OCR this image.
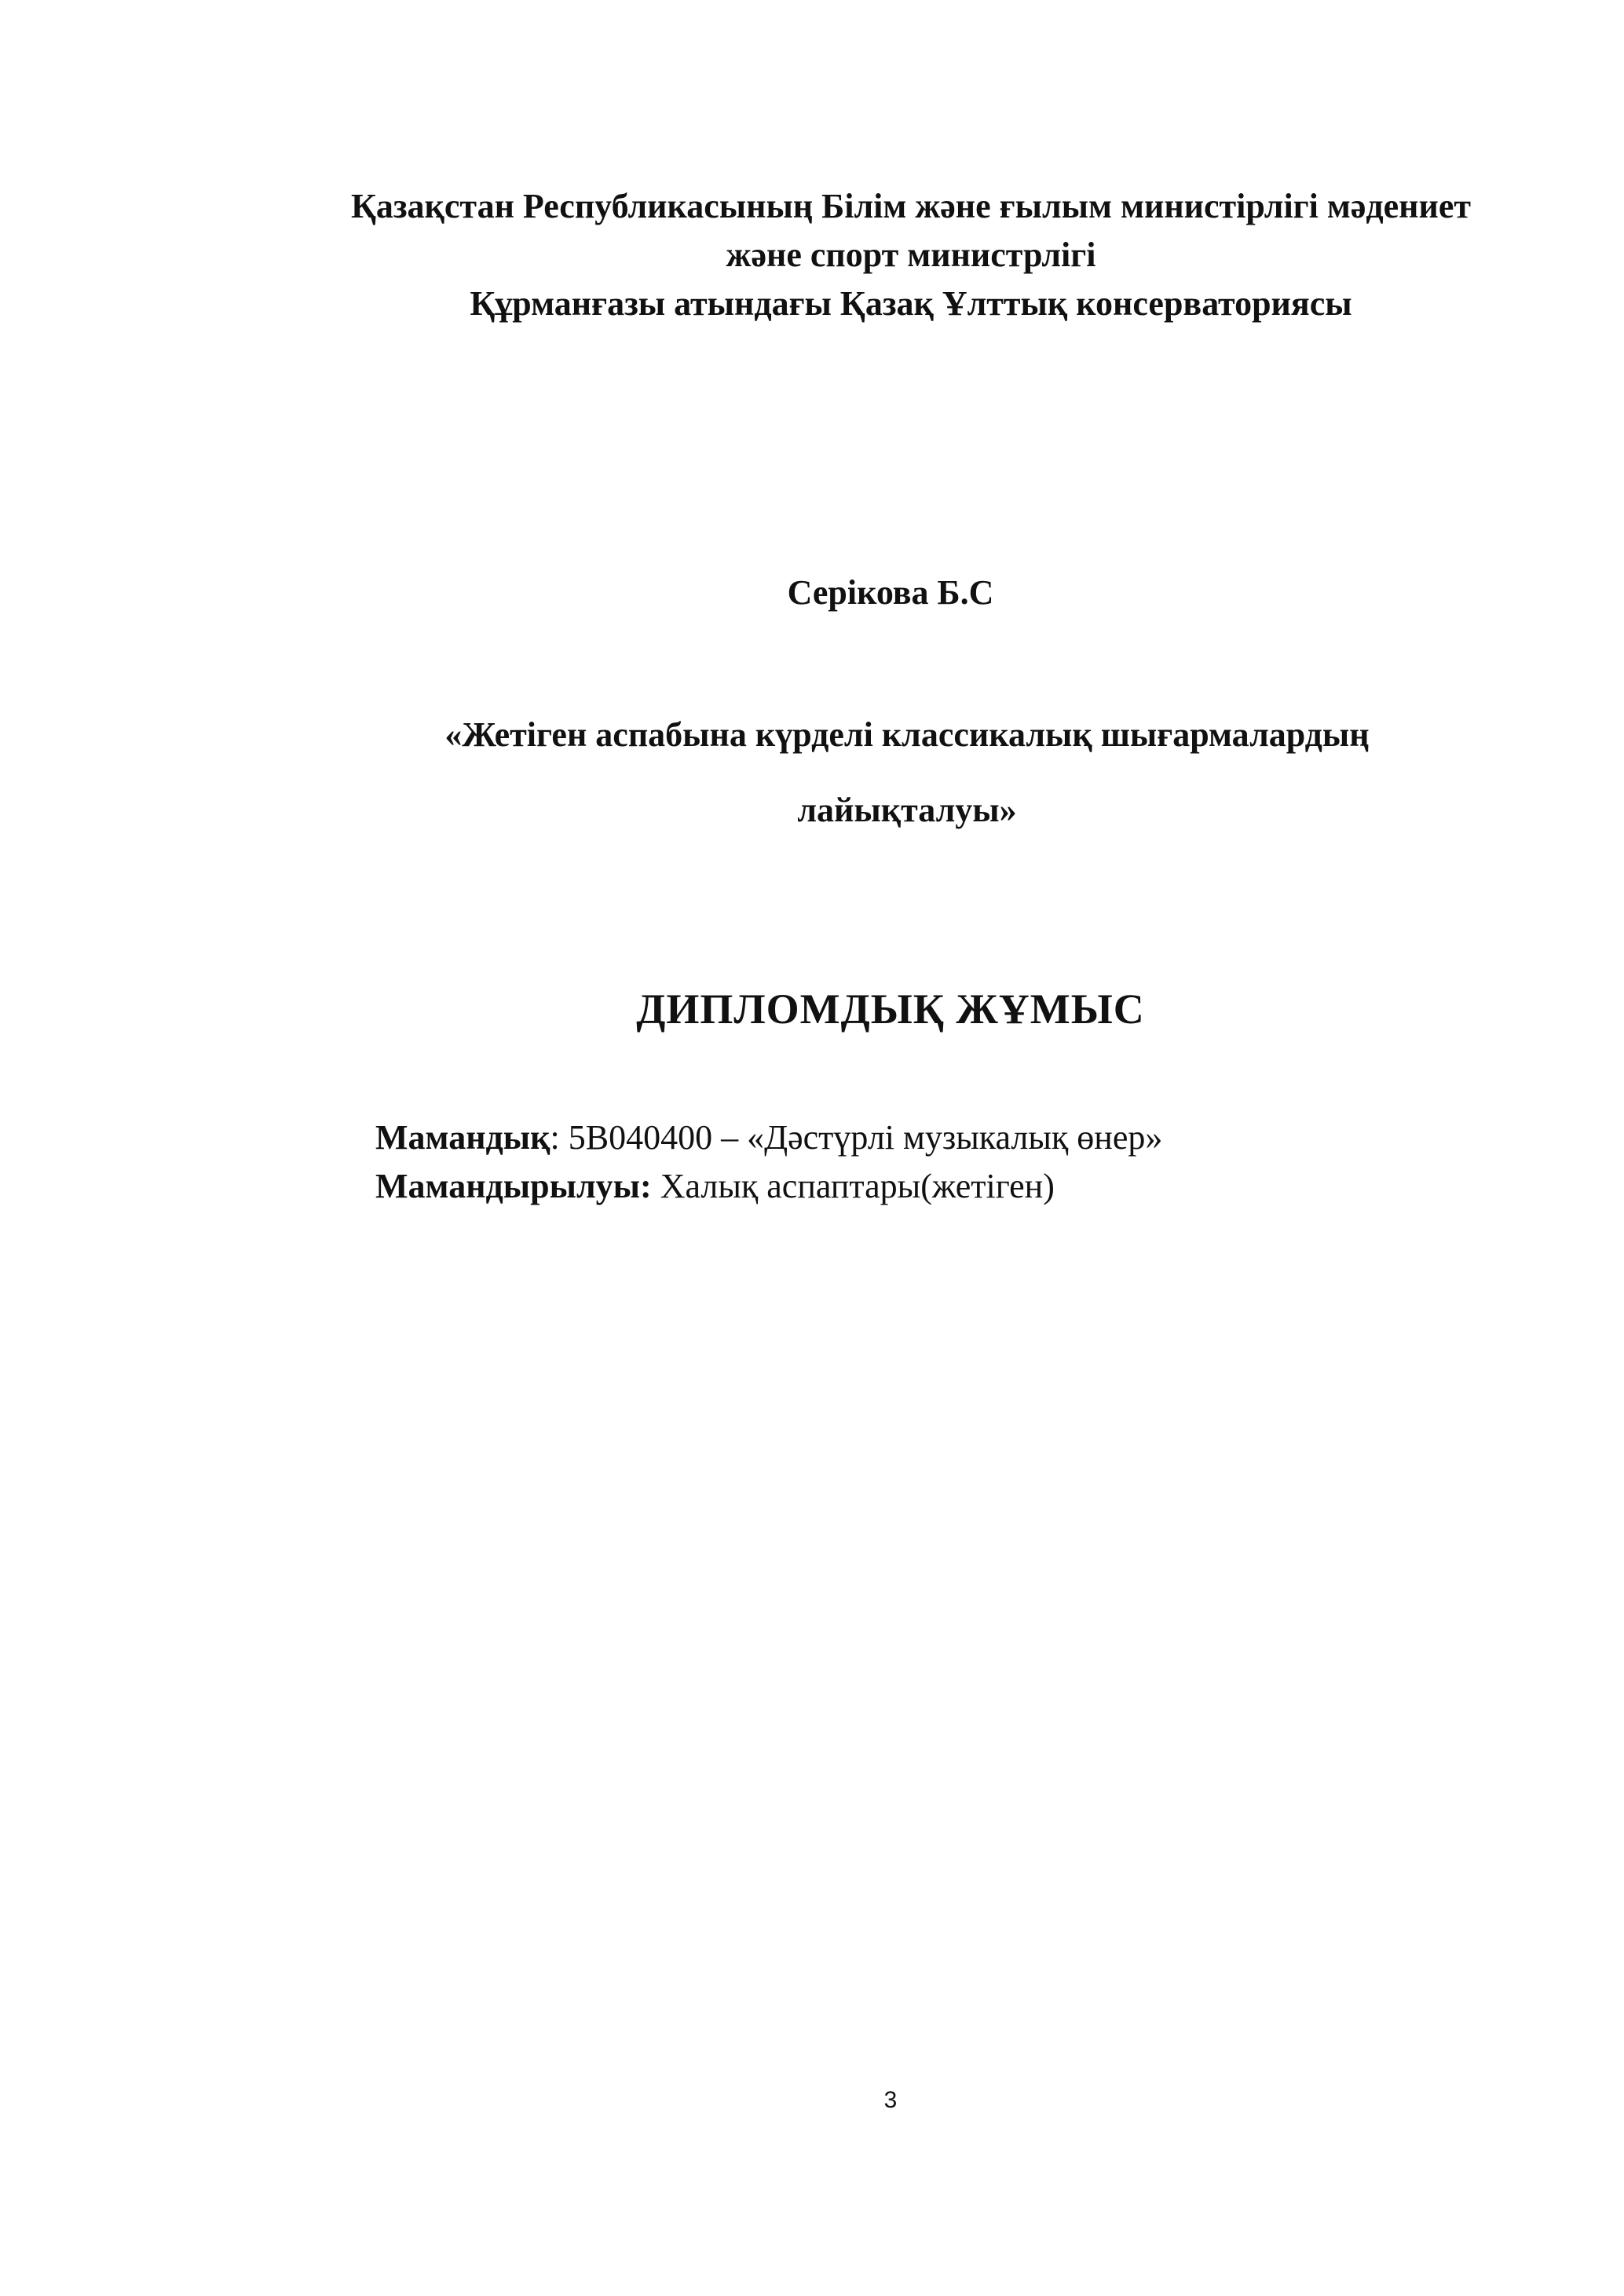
Қазақстан Республикасының Білім және ғылым министірлігі мәдениет
және спорт министрлігі
Құрманғазы атындағы Қазақ Ұлттық консерваториясы
Серікова Б.С
«Жетіген аспабына күрделі классикалық шығармалардың
лайықталуы»
ДИПЛОМДЫҚ ЖҰМЫС
Мамандық: 5В040400 – «Дәстүрлі музыкалық өнер»
Мамандырылуы: Халық аспаптары(жетіген)
3
